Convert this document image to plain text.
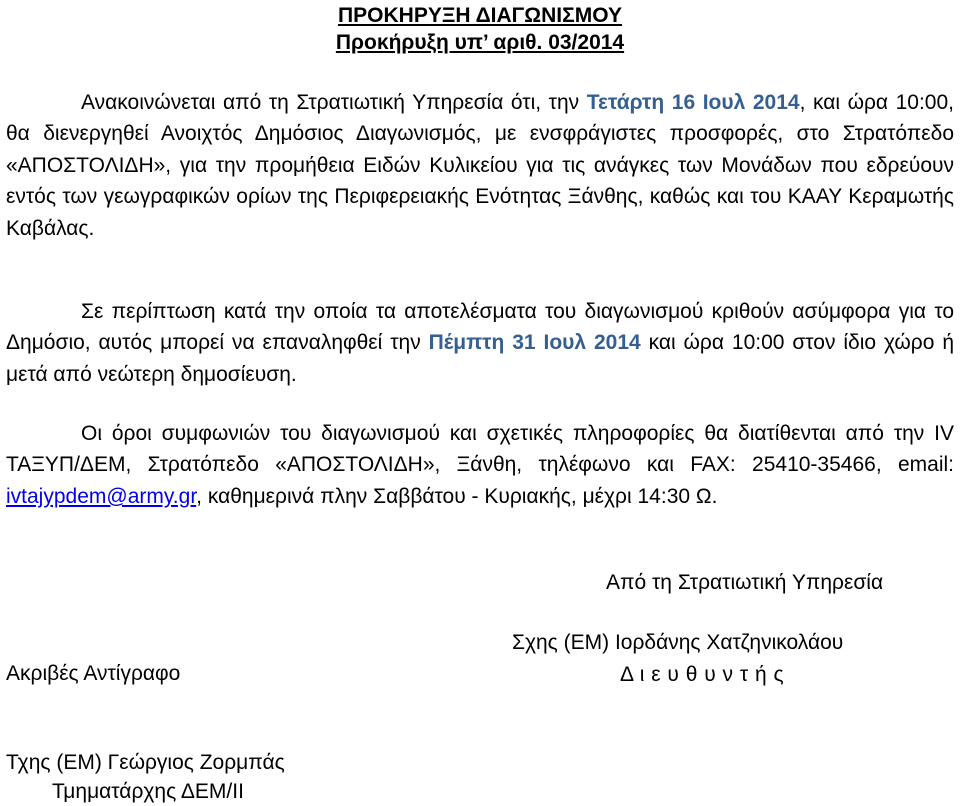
ΠΡΟΚΗΡΥΞΗ ΔΙΑΓΩΝΙΣΜΟΥ
Προκήρυξη υπ’ αριθ. 03/2014
Ανακοινώνεται από τη Στρατιωτική Υπηρεσία ότι, την Τετάρτη 16 Ιουλ 2014, και ώρα 10:00, θα διενεργηθεί Ανοιχτός Δημόσιος Διαγωνισμός, με ενσφράγιστες προσφορές, στο Στρατόπεδο «ΑΠΟΣΤΟΛΙΔΗ», για την προμήθεια Ειδών Κυλικείου για τις ανάγκες των Μονάδων που εδρεύουν εντός των γεωγραφικών ορίων της Περιφερειακής Ενότητας Ξάνθης, καθώς και του ΚΑΑΥ Κεραμωτής Καβάλας.
Σε περίπτωση κατά την οποία τα αποτελέσματα του διαγωνισμού κριθούν ασύμφορα για το Δημόσιο, αυτός μπορεί να επαναληφθεί την Πέμπτη 31 Ιουλ 2014 και ώρα 10:00 στον ίδιο χώρο ή μετά από νεώτερη δημοσίευση.
Οι όροι συμφωνιών του διαγωνισμού και σχετικές πληροφορίες θα διατίθενται από την ΙV ΤΑΞΥΠ/ΔΕΜ, Στρατόπεδο «ΑΠΟΣΤΟΛΙΔΗ», Ξάνθη, τηλέφωνο και FAX: 25410-35466, email: ivtajypdem@army.gr, καθημερινά πλην Σαββάτου - Κυριακής, μέχρι 14:30 Ω.
Από τη Στρατιωτική Υπηρεσία
Σχης (ΕΜ) Ιορδάνης Χατζηνικολάου
Δ ι ε υ θ υ ν τ ή ς
Ακριβές Αντίγραφο
Τχης (ΕΜ) Γεώργιος Ζορμπάς
Τμηματάρχης ΔΕΜ/ΙΙ
